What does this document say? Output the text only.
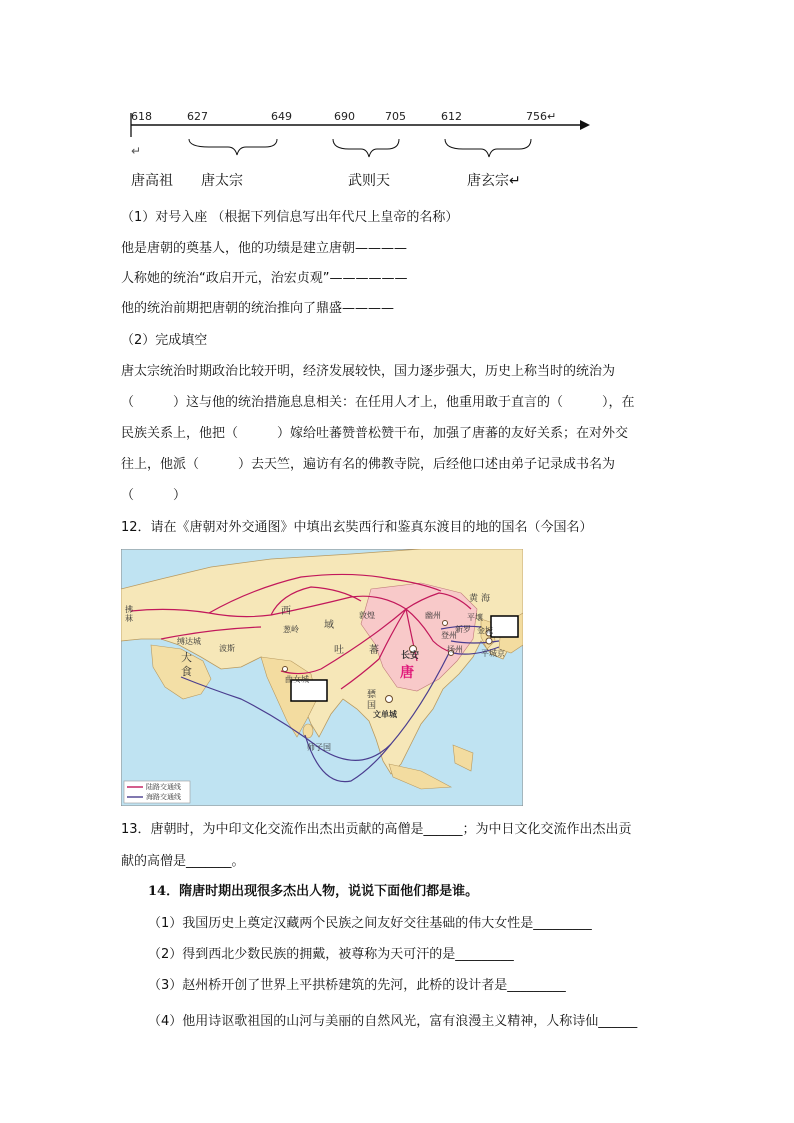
618	627	649	690	705	612	756↵
↵
唐高祖 唐太宗	武则天	唐玄宗↵
（1）对号入座 （根据下列信息写出年代尺上皇帝的名称）
他是唐朝的奠基人，他的功绩是建立唐朝————
人称她的统治“政启开元，治宏贞观”——————
他的统治前期把唐朝的统治推向了鼎盛————
（2）完成填空
唐太宗统治时期政治比较开明，经济发展较快，国力逐步强大，历史上称当时的统治为
（　　　）这与他的统治措施息息相关：在任用人才上，他重用敢于直言的（　　　），在
民族关系上，他把（　　　）嫁给吐蕃赞普松赞干布，加强了唐蕃的友好关系；在对外交
往上，他派（　　　）去天竺，遍访有名的佛教寺院，后经他口述由弟子记录成书名为
（　　　）
12．请在《唐朝对外交通图》中填出玄奘西行和鉴真东渡目的地的国名（今国名）
拂
菻
缚达城
大
食
波斯
西
域
葱岭
吐	蕃
敦煌	幽州
黄 海
平壤
新罗 金城
登州
扬州 平城京
长安
唐
曲女城
骠
国
文单城
师子国
陆路交通线
海路交通线
13．唐朝时，为中印文化交流作出杰出贡献的高僧是______；为中日文化交流作出杰出贡
献的高僧是_______。
14．隋唐时期出现很多杰出人物，说说下面他们都是谁。
（1）我国历史上奠定汉藏两个民族之间友好交往基础的伟大女性是_________
（2）得到西北少数民族的拥戴，被尊称为天可汗的是_________
（3）赵州桥开创了世界上平拱桥建筑的先河，此桥的设计者是_________
（4）他用诗讴歌祖国的山河与美丽的自然风光，富有浪漫主义精神，人称诗仙______
